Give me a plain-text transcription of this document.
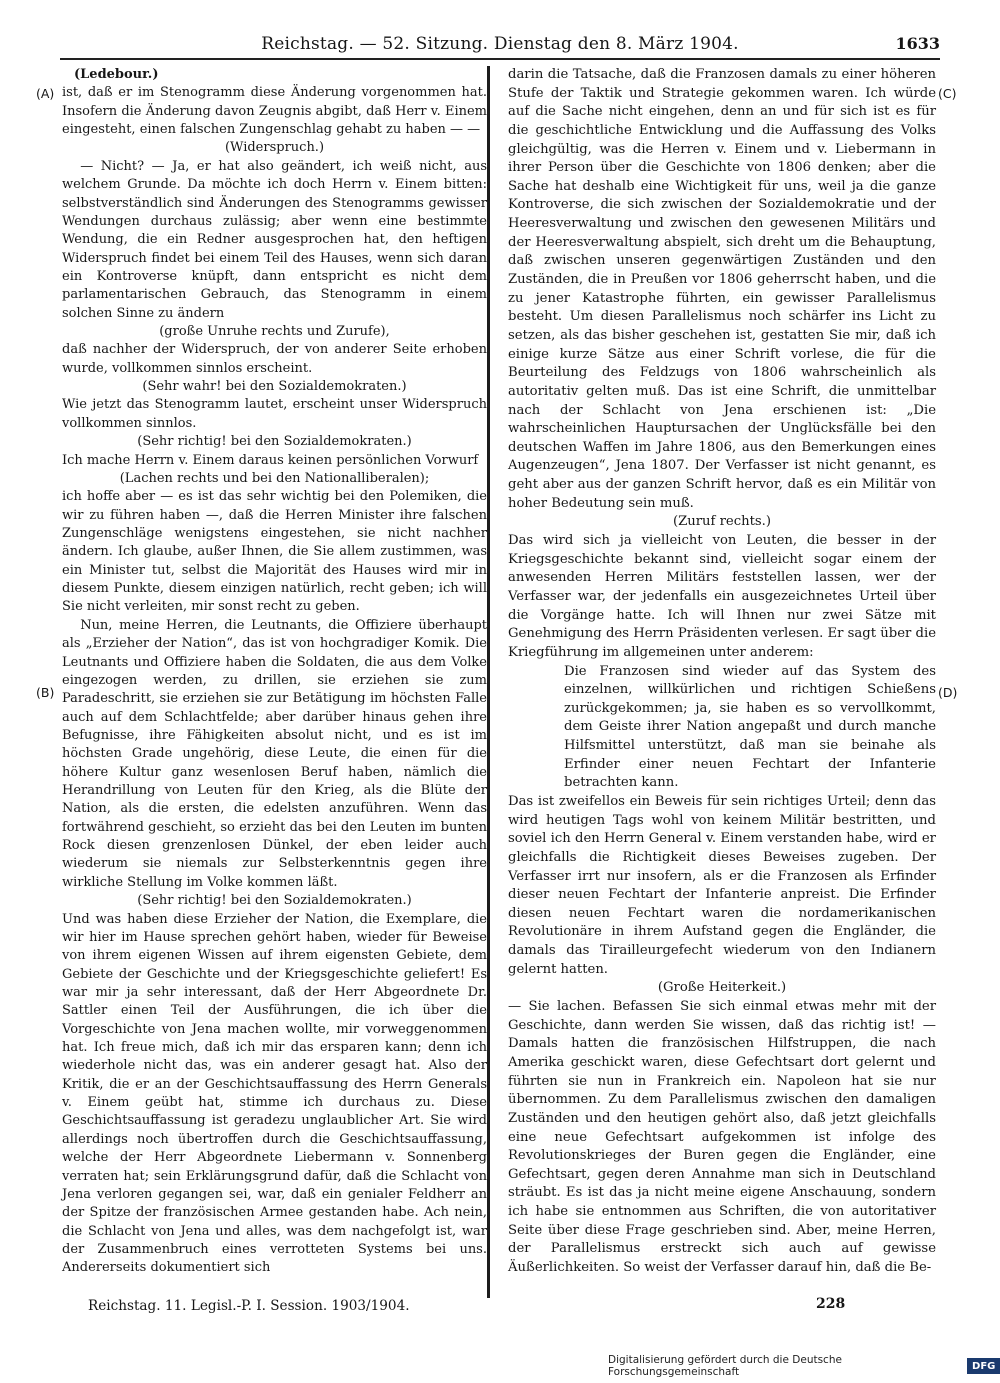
Reichstag. — 52. Sitzung. Dienstag den 8. März 1904.	1633
(A)
(B)
(C)
(D)

(Ledebour.)

ist, daß er im Stenogramm diese Änderung vorgenommen hat. Insofern die Änderung davon Zeugnis abgibt, daß Herr v. Einem eingesteht, einen falschen Zungenschlag gehabt zu haben — —

(Widerspruch.)

— Nicht? — Ja, er hat also geändert, ich weiß nicht, aus welchem Grunde. Da möchte ich doch Herrn v. Einem bitten: selbstverständlich sind Änderungen des Stenogramms gewisser Wendungen durchaus zulässig; aber wenn eine bestimmte Wendung, die ein Redner ausgesprochen hat, den heftigen Widerspruch findet bei einem Teil des Hauses, wenn sich daran ein Kontroverse knüpft, dann entspricht es nicht dem parlamentarischen Gebrauch, das Stenogramm in einem solchen Sinne zu ändern

(große Unruhe rechts und Zurufe),

daß nachher der Widerspruch, der von anderer Seite erhoben wurde, vollkommen sinnlos erscheint.

(Sehr wahr! bei den Sozialdemokraten.)

Wie jetzt das Stenogramm lautet, erscheint unser Widerspruch vollkommen sinnlos.

(Sehr richtig! bei den Sozialdemokraten.)

Ich mache Herrn v. Einem daraus keinen persönlichen Vorwurf

(Lachen rechts und bei den Nationalliberalen);

ich hoffe aber — es ist das sehr wichtig bei den Polemiken, die wir zu führen haben —, daß die Herren Minister ihre falschen Zungenschläge wenigstens eingestehen, sie nicht nachher ändern. Ich glaube, außer Ihnen, die Sie allem zustimmen, was ein Minister tut, selbst die Majorität des Hauses wird mir in diesem Punkte, diesem einzigen natürlich, recht geben; ich will Sie nicht verleiten, mir sonst recht zu geben.

Nun, meine Herren, die Leutnants, die Offiziere überhaupt als „Erzieher der Nation“, das ist von hochgradiger Komik. Die Leutnants und Offiziere haben die Soldaten, die aus dem Volke eingezogen werden, zu drillen, sie erziehen sie zum Paradeschritt, sie erziehen sie zur Betätigung im höchsten Falle auch auf dem Schlachtfelde; aber darüber hinaus gehen ihre Befugnisse, ihre Fähigkeiten absolut nicht, und es ist im höchsten Grade ungehörig, diese Leute, die einen für die höhere Kultur ganz wesenlosen Beruf haben, nämlich die Herandrillung von Leuten für den Krieg, als die Blüte der Nation, als die ersten, die edelsten anzuführen. Wenn das fortwährend geschieht, so erzieht das bei den Leuten im bunten Rock diesen grenzenlosen Dünkel, der eben leider auch wiederum sie niemals zur Selbsterkenntnis gegen ihre wirkliche Stellung im Volke kommen läßt.

(Sehr richtig! bei den Sozialdemokraten.)

Und was haben diese Erzieher der Nation, die Exemplare, die wir hier im Hause sprechen gehört haben, wieder für Beweise von ihrem eigenen Wissen auf ihrem eigensten Gebiete, dem Gebiete der Geschichte und der Kriegsgeschichte geliefert! Es war mir ja sehr interessant, daß der Herr Abgeordnete Dr. Sattler einen Teil der Ausführungen, die ich über die Vorgeschichte von Jena machen wollte, mir vorweggenommen hat. Ich freue mich, daß ich mir das ersparen kann; denn ich wiederhole nicht das, was ein anderer gesagt hat. Also der Kritik, die er an der Geschichtsauffassung des Herrn Generals v. Einem geübt hat, stimme ich durchaus zu. Diese Geschichtsauffassung ist geradezu unglaublicher Art. Sie wird allerdings noch übertroffen durch die Geschichtsauffassung, welche der Herr Abgeordnete Liebermann v. Sonnenberg verraten hat; sein Erklärungsgrund dafür, daß die Schlacht von Jena verloren gegangen sei, war, daß ein genialer Feldherr an der Spitze der französischen Armee gestanden habe. Ach nein, die Schlacht von Jena und alles, was dem nachgefolgt ist, war der Zusammenbruch eines verrotteten Systems bei uns. Andererseits dokumentiert sich

darin die Tatsache, daß die Franzosen damals zu einer höheren Stufe der Taktik und Strategie gekommen waren. Ich würde auf die Sache nicht eingehen, denn an und für sich ist es für die geschichtliche Entwicklung und die Auffassung des Volks gleichgültig, was die Herren v. Einem und v. Liebermann in ihrer Person über die Geschichte von 1806 denken; aber die Sache hat deshalb eine Wichtigkeit für uns, weil ja die ganze Kontroverse, die sich zwischen der Sozialdemokratie und der Heeresverwaltung und zwischen den gewesenen Militärs und der Heeresverwaltung abspielt, sich dreht um die Behauptung, daß zwischen unseren gegenwärtigen Zuständen und den Zuständen, die in Preußen vor 1806 geherrscht haben, und die zu jener Katastrophe führten, ein gewisser Parallelismus besteht. Um diesen Parallelismus noch schärfer ins Licht zu setzen, als das bisher geschehen ist, gestatten Sie mir, daß ich einige kurze Sätze aus einer Schrift vorlese, die für die Beurteilung des Feldzugs von 1806 wahrscheinlich als autoritativ gelten muß. Das ist eine Schrift, die unmittelbar nach der Schlacht von Jena erschienen ist: „Die wahrscheinlichen Hauptursachen der Unglücksfälle bei den deutschen Waffen im Jahre 1806, aus den Bemerkungen eines Augenzeugen“, Jena 1807. Der Verfasser ist nicht genannt, es geht aber aus der ganzen Schrift hervor, daß es ein Militär von hoher Bedeutung sein muß.

(Zuruf rechts.)

Das wird sich ja vielleicht von Leuten, die besser in der Kriegsgeschichte bekannt sind, vielleicht sogar einem der anwesenden Herren Militärs feststellen lassen, wer der Verfasser war, der jedenfalls ein ausgezeichnetes Urteil über die Vorgänge hatte. Ich will Ihnen nur zwei Sätze mit Genehmigung des Herrn Präsidenten verlesen. Er sagt über die Kriegführung im allgemeinen unter anderem:

Die Franzosen sind wieder auf das System des einzelnen, willkürlichen und richtigen Schießens zurückgekommen; ja, sie haben es so vervollkommt, dem Geiste ihrer Nation angepaßt und durch manche Hilfsmittel unterstützt, daß man sie beinahe als Erfinder einer neuen Fechtart der Infanterie betrachten kann.

Das ist zweifellos ein Beweis für sein richtiges Urteil; denn das wird heutigen Tags wohl von keinem Militär bestritten, und soviel ich den Herrn General v. Einem verstanden habe, wird er gleichfalls die Richtigkeit dieses Beweises zugeben. Der Verfasser irrt nur insofern, als er die Franzosen als Erfinder dieser neuen Fechtart der Infanterie anpreist. Die Erfinder diesen neuen Fechtart waren die nordamerikanischen Revolutionäre in ihrem Aufstand gegen die Engländer, die damals das Tirailleurgefecht wiederum von den Indianern gelernt hatten.

(Große Heiterkeit.)

— Sie lachen. Befassen Sie sich einmal etwas mehr mit der Geschichte, dann werden Sie wissen, daß das richtig ist! — Damals hatten die französischen Hilfstruppen, die nach Amerika geschickt waren, diese Gefechtsart dort gelernt und führten sie nun in Frankreich ein. Napoleon hat sie nur übernommen. Zu dem Parallelismus zwischen den damaligen Zuständen und den heutigen gehört also, daß jetzt gleichfalls eine neue Gefechtsart aufgekommen ist infolge des Revolutionskrieges der Buren gegen die Engländer, eine Gefechtsart, gegen deren Annahme man sich in Deutschland sträubt. Es ist das ja nicht meine eigene Anschauung, sondern ich habe sie entnommen aus Schriften, die von autoritativer Seite über diese Frage geschrieben sind. Aber, meine Herren, der Parallelismus erstreckt sich auch auf gewisse Äußerlichkeiten. So weist der Verfasser darauf hin, daß die Be-

Reichstag. 11. Legisl.-P. I. Session. 1903/1904.	228
Digitalisierung gefördert durch die Deutsche Forschungsgemeinschaft	DFG
